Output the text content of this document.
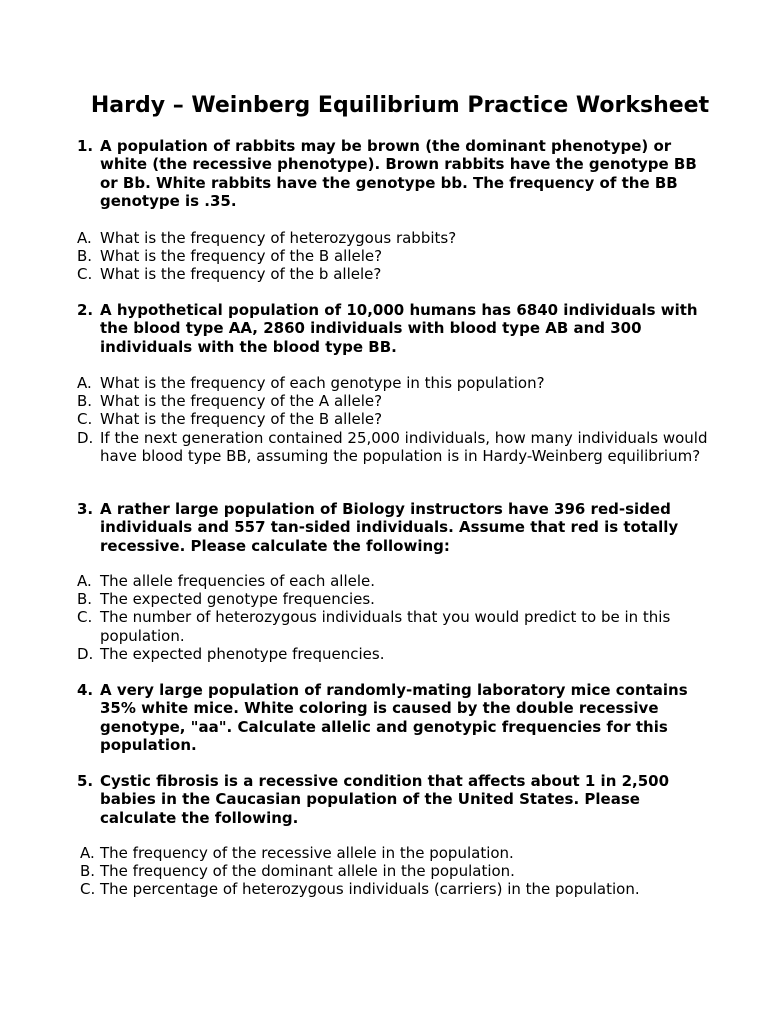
Hardy – Weinberg Equilibrium Practice Worksheet
1. A population of rabbits may be brown (the dominant phenotype) or white (the recessive phenotype). Brown rabbits have the genotype BB or Bb. White rabbits have the genotype bb. The frequency of the BB genotype is .35.
A. What is the frequency of heterozygous rabbits?
B. What is the frequency of the B allele?
C. What is the frequency of the b allele?
2. A hypothetical population of 10,000 humans has 6840 individuals with the blood type AA, 2860 individuals with blood type AB and 300 individuals with the blood type BB.
A. What is the frequency of each genotype in this population?
B. What is the frequency of the A allele?
C. What is the frequency of the B allele?
D. If the next generation contained 25,000 individuals, how many individuals would have blood type BB, assuming the population is in Hardy-Weinberg equilibrium?
3. A rather large population of Biology instructors have 396 red-sided individuals and 557 tan-sided individuals. Assume that red is totally recessive. Please calculate the following:
A. The allele frequencies of each allele.
B. The expected genotype frequencies.
C. The number of heterozygous individuals that you would predict to be in this population.
D. The expected phenotype frequencies.
4. A very large population of randomly-mating laboratory mice contains 35% white mice. White coloring is caused by the double recessive genotype, "aa". Calculate allelic and genotypic frequencies for this population.
5. Cystic fibrosis is a recessive condition that affects about 1 in 2,500 babies in the Caucasian population of the United States. Please calculate the following.
A. The frequency of the recessive allele in the population.
B. The frequency of the dominant allele in the population.
C. The percentage of heterozygous individuals (carriers) in the population.
